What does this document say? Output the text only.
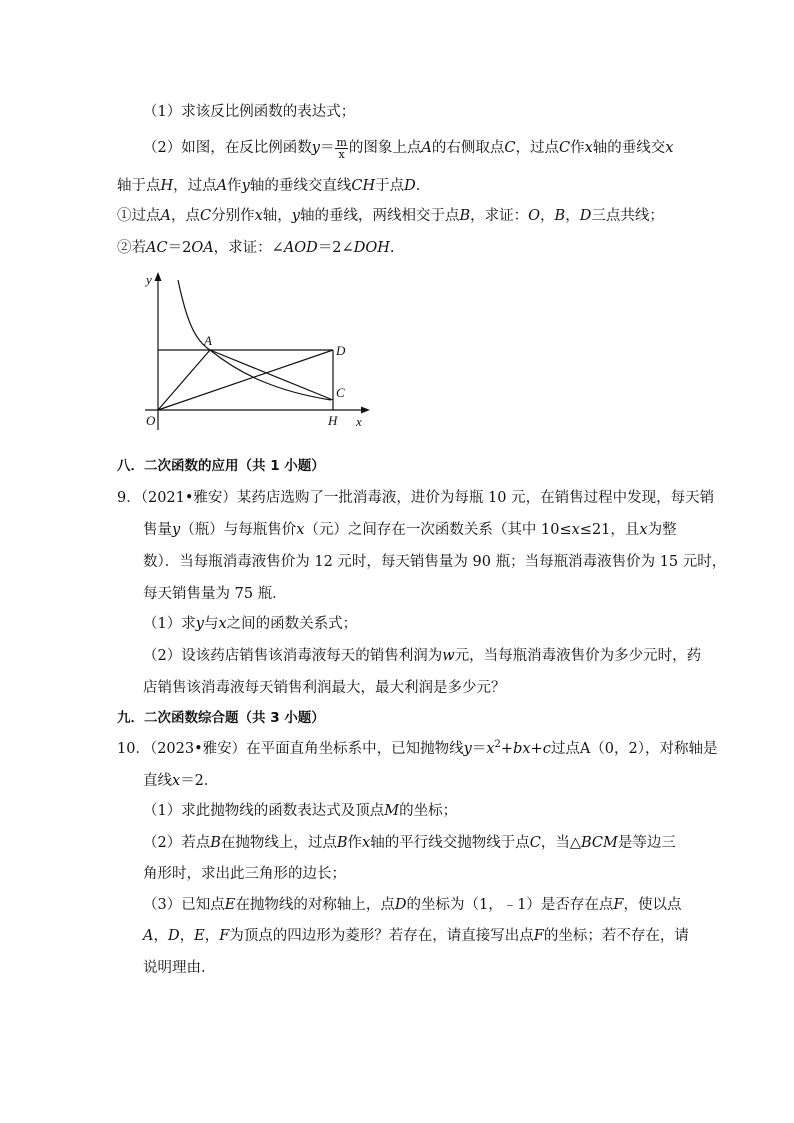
（1）求该反比例函数的表达式；
（2）如图，在反比例函数$y= \frac{m}{x}$ 的图象上点A的右侧取点C，过点C作x轴的垂线交x
轴于点H，过点A作y轴的垂线交直线CH于点D.
①过点A，点C分别作x轴，y轴的垂线，两线相交于点B，求证：O，B，D三点共线；
②若AC＝2OA，求证：∠AOD＝2∠DOH.
y
x
O	H
A
C
D
八．二次函数的应用（共 1 小题）
9．（2021•雅安）某药店选购了一批消毒液，进价为每瓶 10 元，在销售过程中发现，每天销
售量y（瓶）与每瓶售价x（元）之间存在一次函数关系（其中 10≤x≤21，且x为整
数）．当每瓶消毒液售价为 12 元时，每天销售量为 90 瓶；当每瓶消毒液售价为 15 元时，
每天销售量为 75 瓶．
（1）求y与x之间的函数关系式；
（2）设该药店销售该消毒液每天的销售利润为w元，当每瓶消毒液售价为多少元时，药
店销售该消毒液每天销售利润最大，最大利润是多少元？
九．二次函数综合题（共 3 小题）
10．（2023•雅安）在平面直角坐标系中，已知抛物线$y=x^2+bx+c$过点A（0，2），对称轴是
直线x＝2．
（1）求此抛物线的函数表达式及顶点M的坐标；
（2）若点B在抛物线上，过点B作x轴的平行线交抛物线于点C，当△BCM是等边三
角形时，求出此三角形的边长；
（3）已知点E在抛物线的对称轴上，点D的坐标为（1，﹣1）是否存在点F，使以点
A，D，E，F为顶点的四边形为菱形？若存在，请直接写出点F的坐标；若不存在，请
说明理由．
